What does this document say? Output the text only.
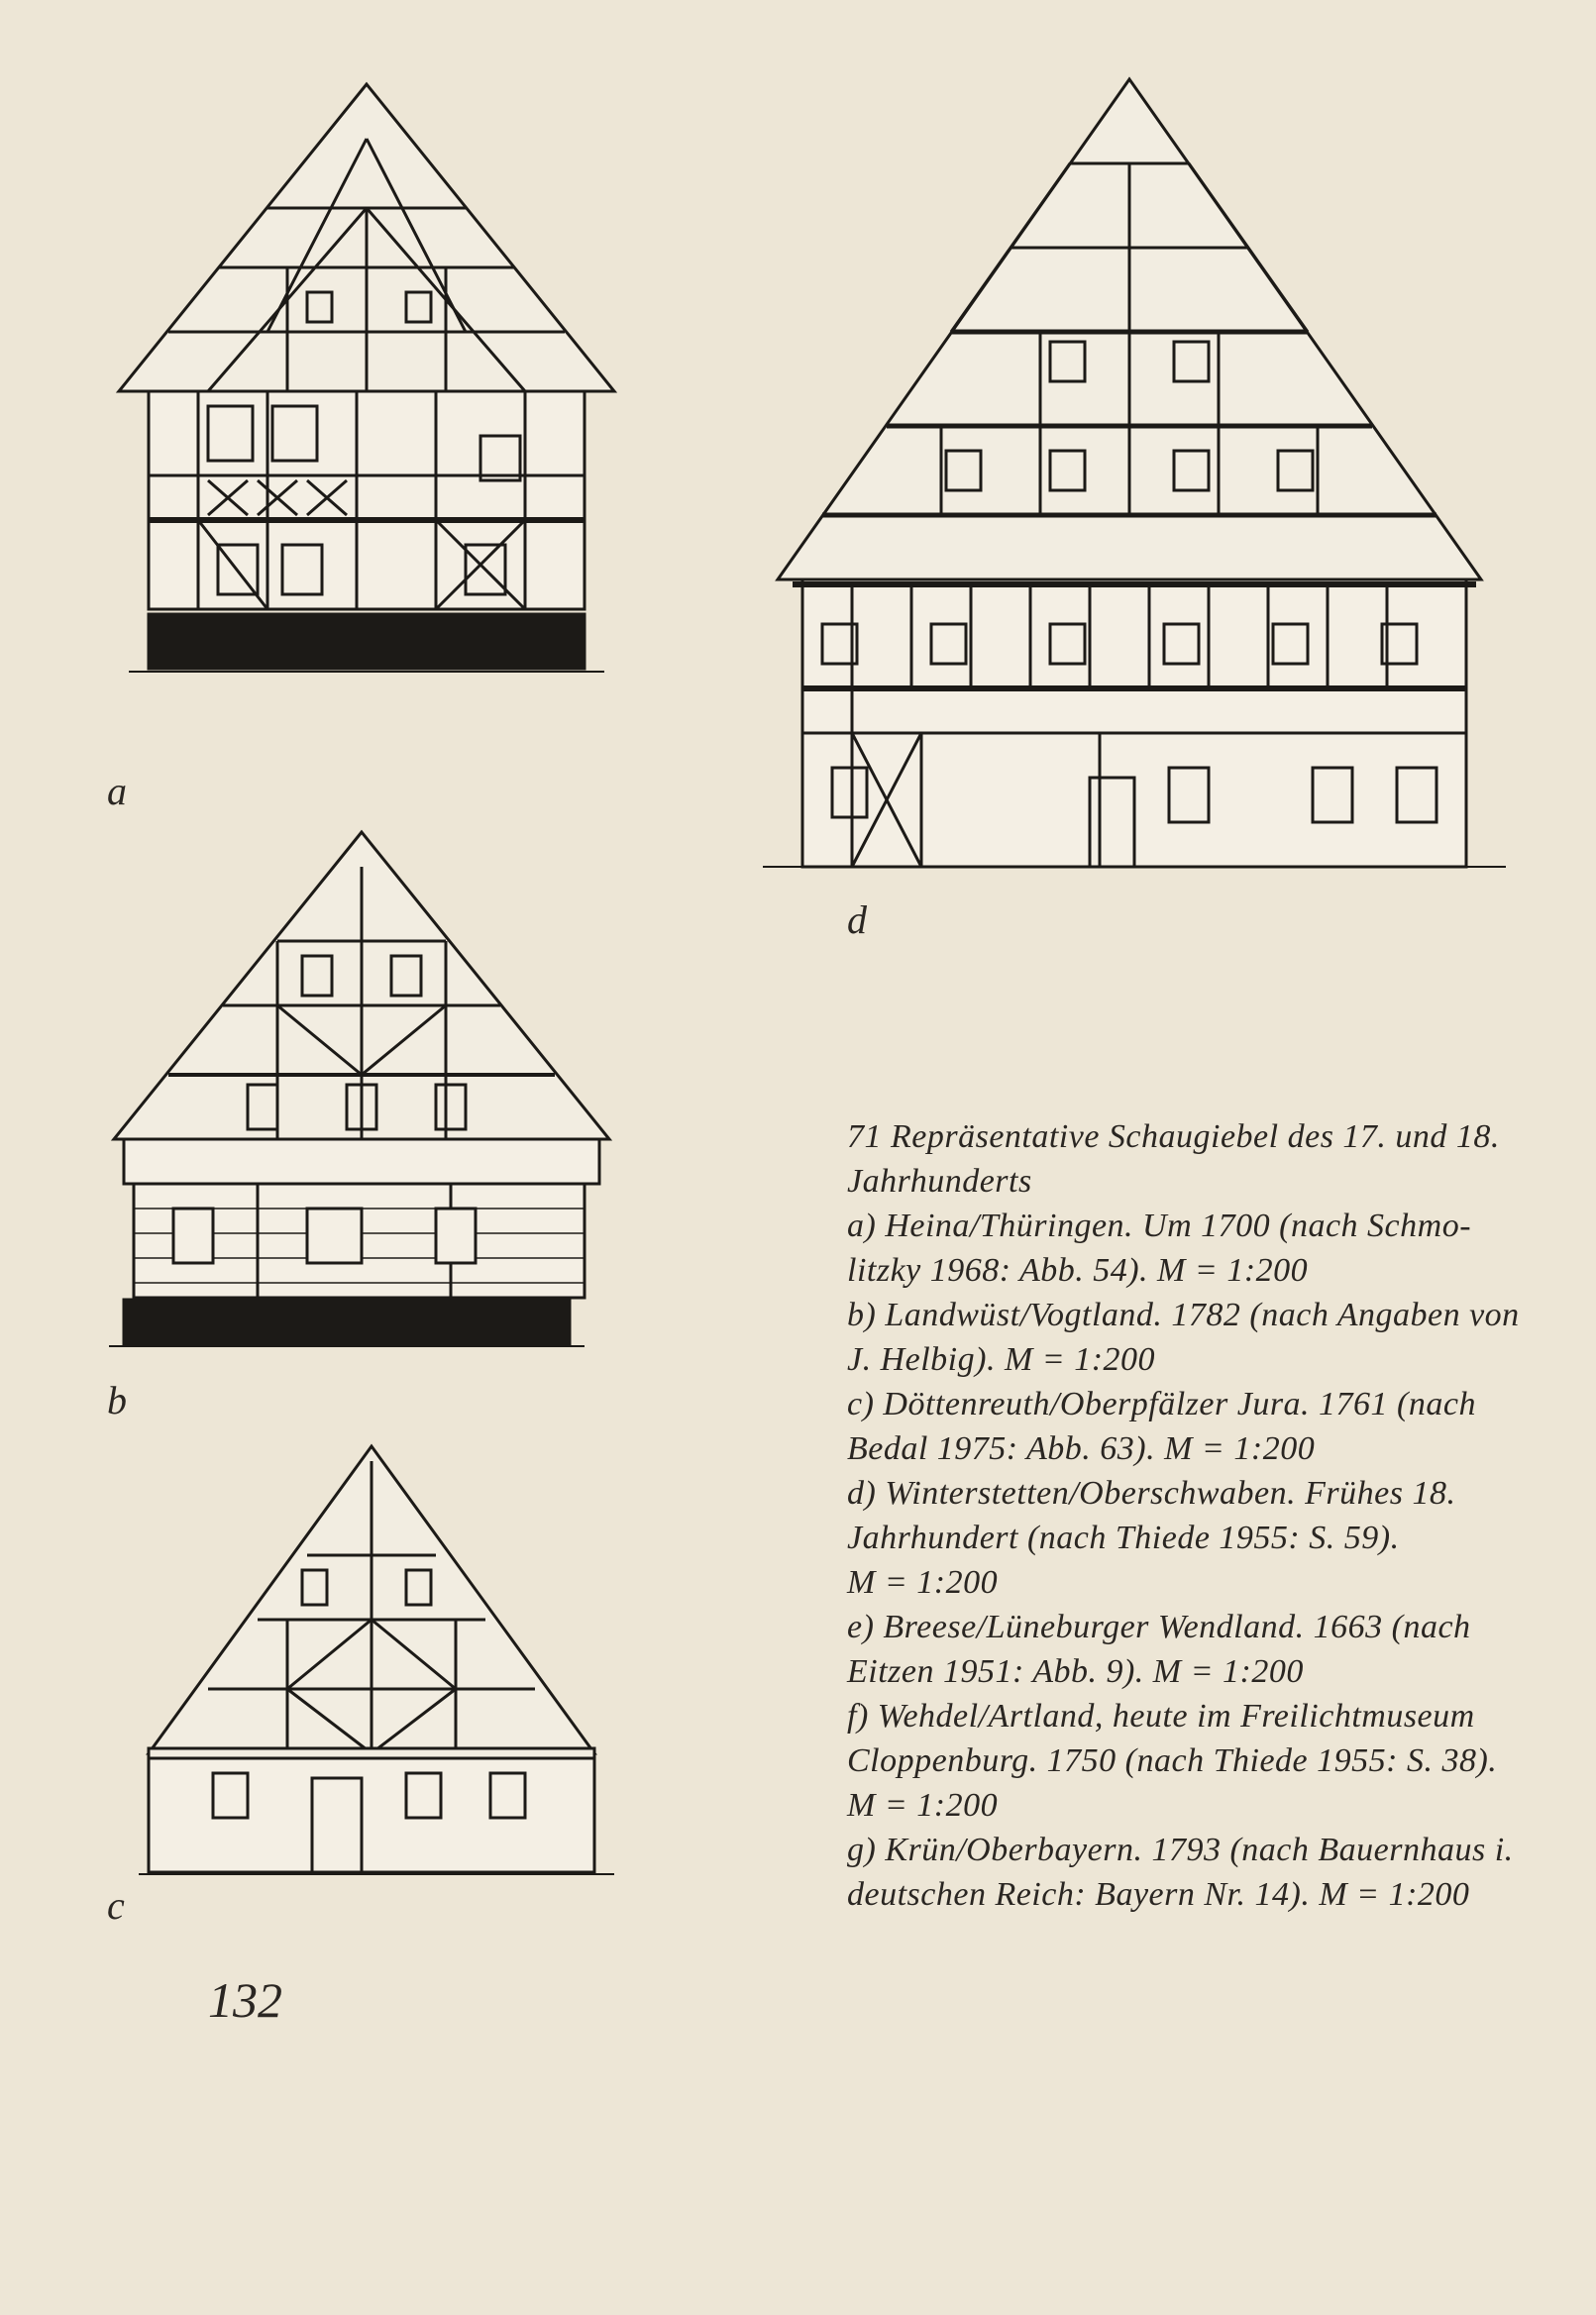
a
d
b
c
71 Repräsentative Schaugiebel des 17. und 18.
Jahrhunderts
a) Heina/Thüringen. Um 1700 (nach Schmo-
litzky 1968: Abb. 54). M = 1:200
b) Landwüst/Vogtland. 1782 (nach Angaben von
J. Helbig). M = 1:200
c) Döttenreuth/Oberpfälzer Jura. 1761 (nach
Bedal 1975: Abb. 63). M = 1:200
d) Winterstetten/Oberschwaben. Frühes 18.
Jahrhundert (nach Thiede 1955: S. 59).
M = 1:200
e) Breese/Lüneburger Wendland. 1663 (nach
Eitzen 1951: Abb. 9). M = 1:200
f) Wehdel/Artland, heute im Freilichtmuseum
Cloppenburg. 1750 (nach Thiede 1955: S. 38).
M = 1:200
g) Krün/Oberbayern. 1793 (nach Bauernhaus i.
deutschen Reich: Bayern Nr. 14). M = 1:200
132
